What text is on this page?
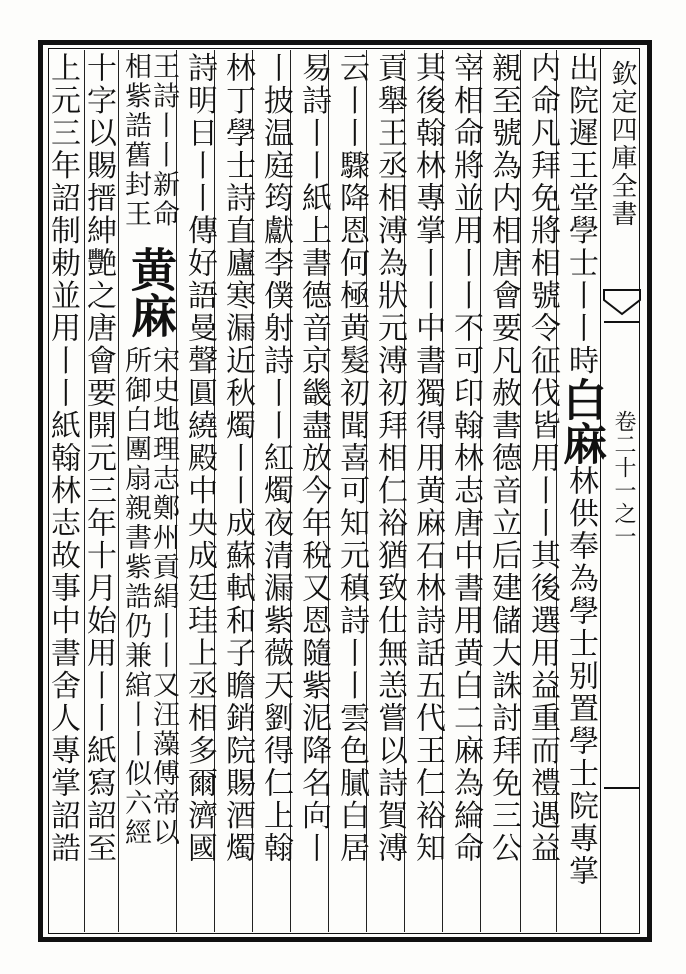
欽定四庫全書
卷二十一之一
出院遲王堂學士丨丨時白麻林供奉為學士别置學士院專掌
内命凡拜免將相號令征伐皆用丨丨其後選用益重而禮遇益
親至號為内相唐會要凡赦書德音立后建儲大誅討拜免三公
宰相命將並用丨丨不可印翰林志唐中書用黄白二麻為綸命
其後翰林專掌丨丨中書獨得用黄麻石林詩話五代王仁裕知
貢舉王丞相溥為狀元溥初拜相仁裕猶致仕無恙嘗以詩賀溥
云丨丨驟降恩何極黄髮初聞喜可知元稹詩丨丨雲色膩白居
易詩丨丨紙上書德音京畿盡放今年稅又恩隨紫泥降名向丨
丨披温庭筠獻李僕射詩丨丨紅燭夜清漏紫薇天劉得仁上翰
林丁學士詩直廬寒漏近秋燭丨丨成蘇軾和子瞻銷院賜酒燭
詩明日丨丨傳好語曼聲圓繞殿中央成廷珪上丞相多爾濟國
王詩丨丨新命
相紫誥舊封王
黄麻
宋史地理志鄭州貢絹丨丨又汪藻傅帝以
所御白團扇親書紫誥仍兼綰丨丨似六經
十字以賜搢紳艷之唐會要開元三年十月始用丨丨紙寫詔至
上元三年詔制勅並用丨丨紙翰林志故事中書舍人專掌詔誥
